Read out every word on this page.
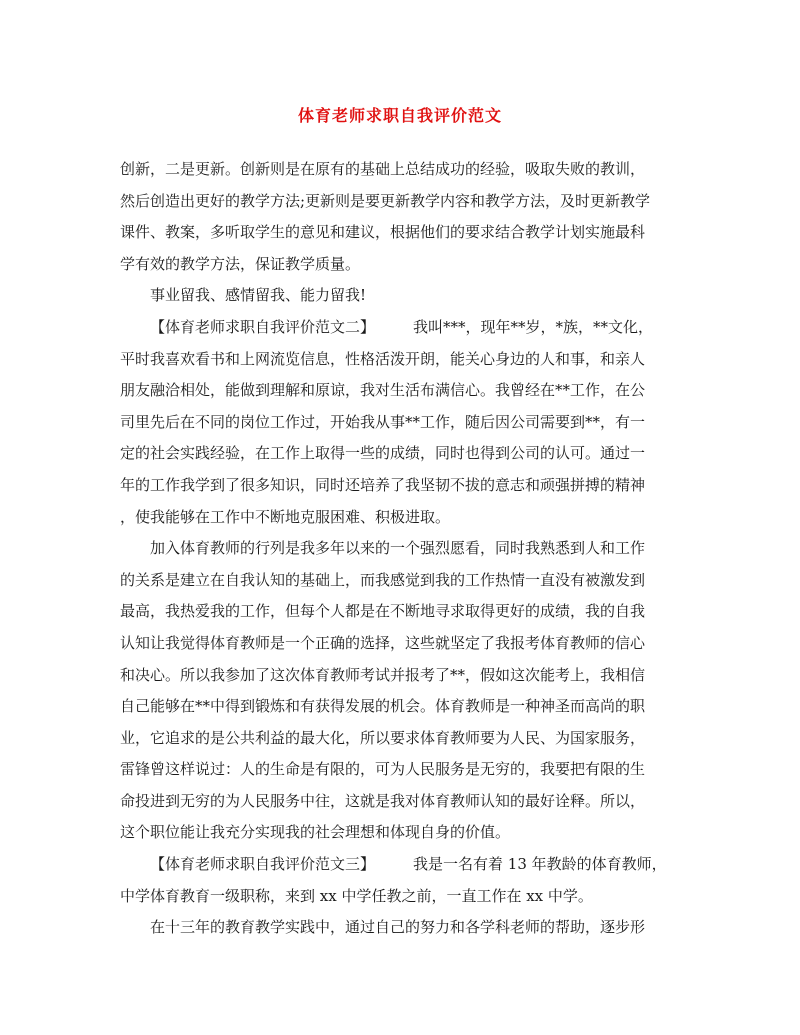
体育老师求职自我评价范文
创新，二是更新。创新则是在原有的基础上总结成功的经验，吸取失败的教训，
然后创造出更好的教学方法;更新则是要更新教学内容和教学方法，及时更新教学
课件、教案，多听取学生的意见和建议，根据他们的要求结合教学计划实施最科
学有效的教学方法，保证教学质量。
事业留我、感情留我、能力留我!
【体育老师求职自我评价范文二】	我叫***，现年**岁，*族，**文化，
平时我喜欢看书和上网流览信息，性格活泼开朗，能关心身边的人和事，和亲人
朋友融洽相处，能做到理解和原谅，我对生活布满信心。我曾经在**工作，在公
司里先后在不同的岗位工作过，开始我从事**工作，随后因公司需要到**，有一
定的社会实践经验，在工作上取得一些的成绩，同时也得到公司的认可。通过一
年的工作我学到了很多知识，同时还培养了我坚韧不拔的意志和顽强拼搏的精神
，使我能够在工作中不断地克服困难、积极进取。
加入体育教师的行列是我多年以来的一个强烈愿看，同时我熟悉到人和工作
的关系是建立在自我认知的基础上，而我感觉到我的工作热情一直没有被激发到
最高，我热爱我的工作，但每个人都是在不断地寻求取得更好的成绩，我的自我
认知让我觉得体育教师是一个正确的选择，这些就坚定了我报考体育教师的信心
和决心。所以我参加了这次体育教师考试并报考了**，假如这次能考上，我相信
自己能够在**中得到锻炼和有获得发展的机会。体育教师是一种神圣而高尚的职
业，它追求的是公共利益的最大化，所以要求体育教师要为人民、为国家服务，
雷锋曾这样说过：人的生命是有限的，可为人民服务是无穷的，我要把有限的生
命投进到无穷的为人民服务中往，这就是我对体育教师认知的最好诠释。所以，
这个职位能让我充分实现我的社会理想和体现自身的价值。
【体育老师求职自我评价范文三】	我是一名有着 13 年教龄的体育教师，
中学体育教育一级职称，来到 xx 中学任教之前，一直工作在 xx 中学。
在十三年的教育教学实践中，通过自己的努力和各学科老师的帮助，逐步形
